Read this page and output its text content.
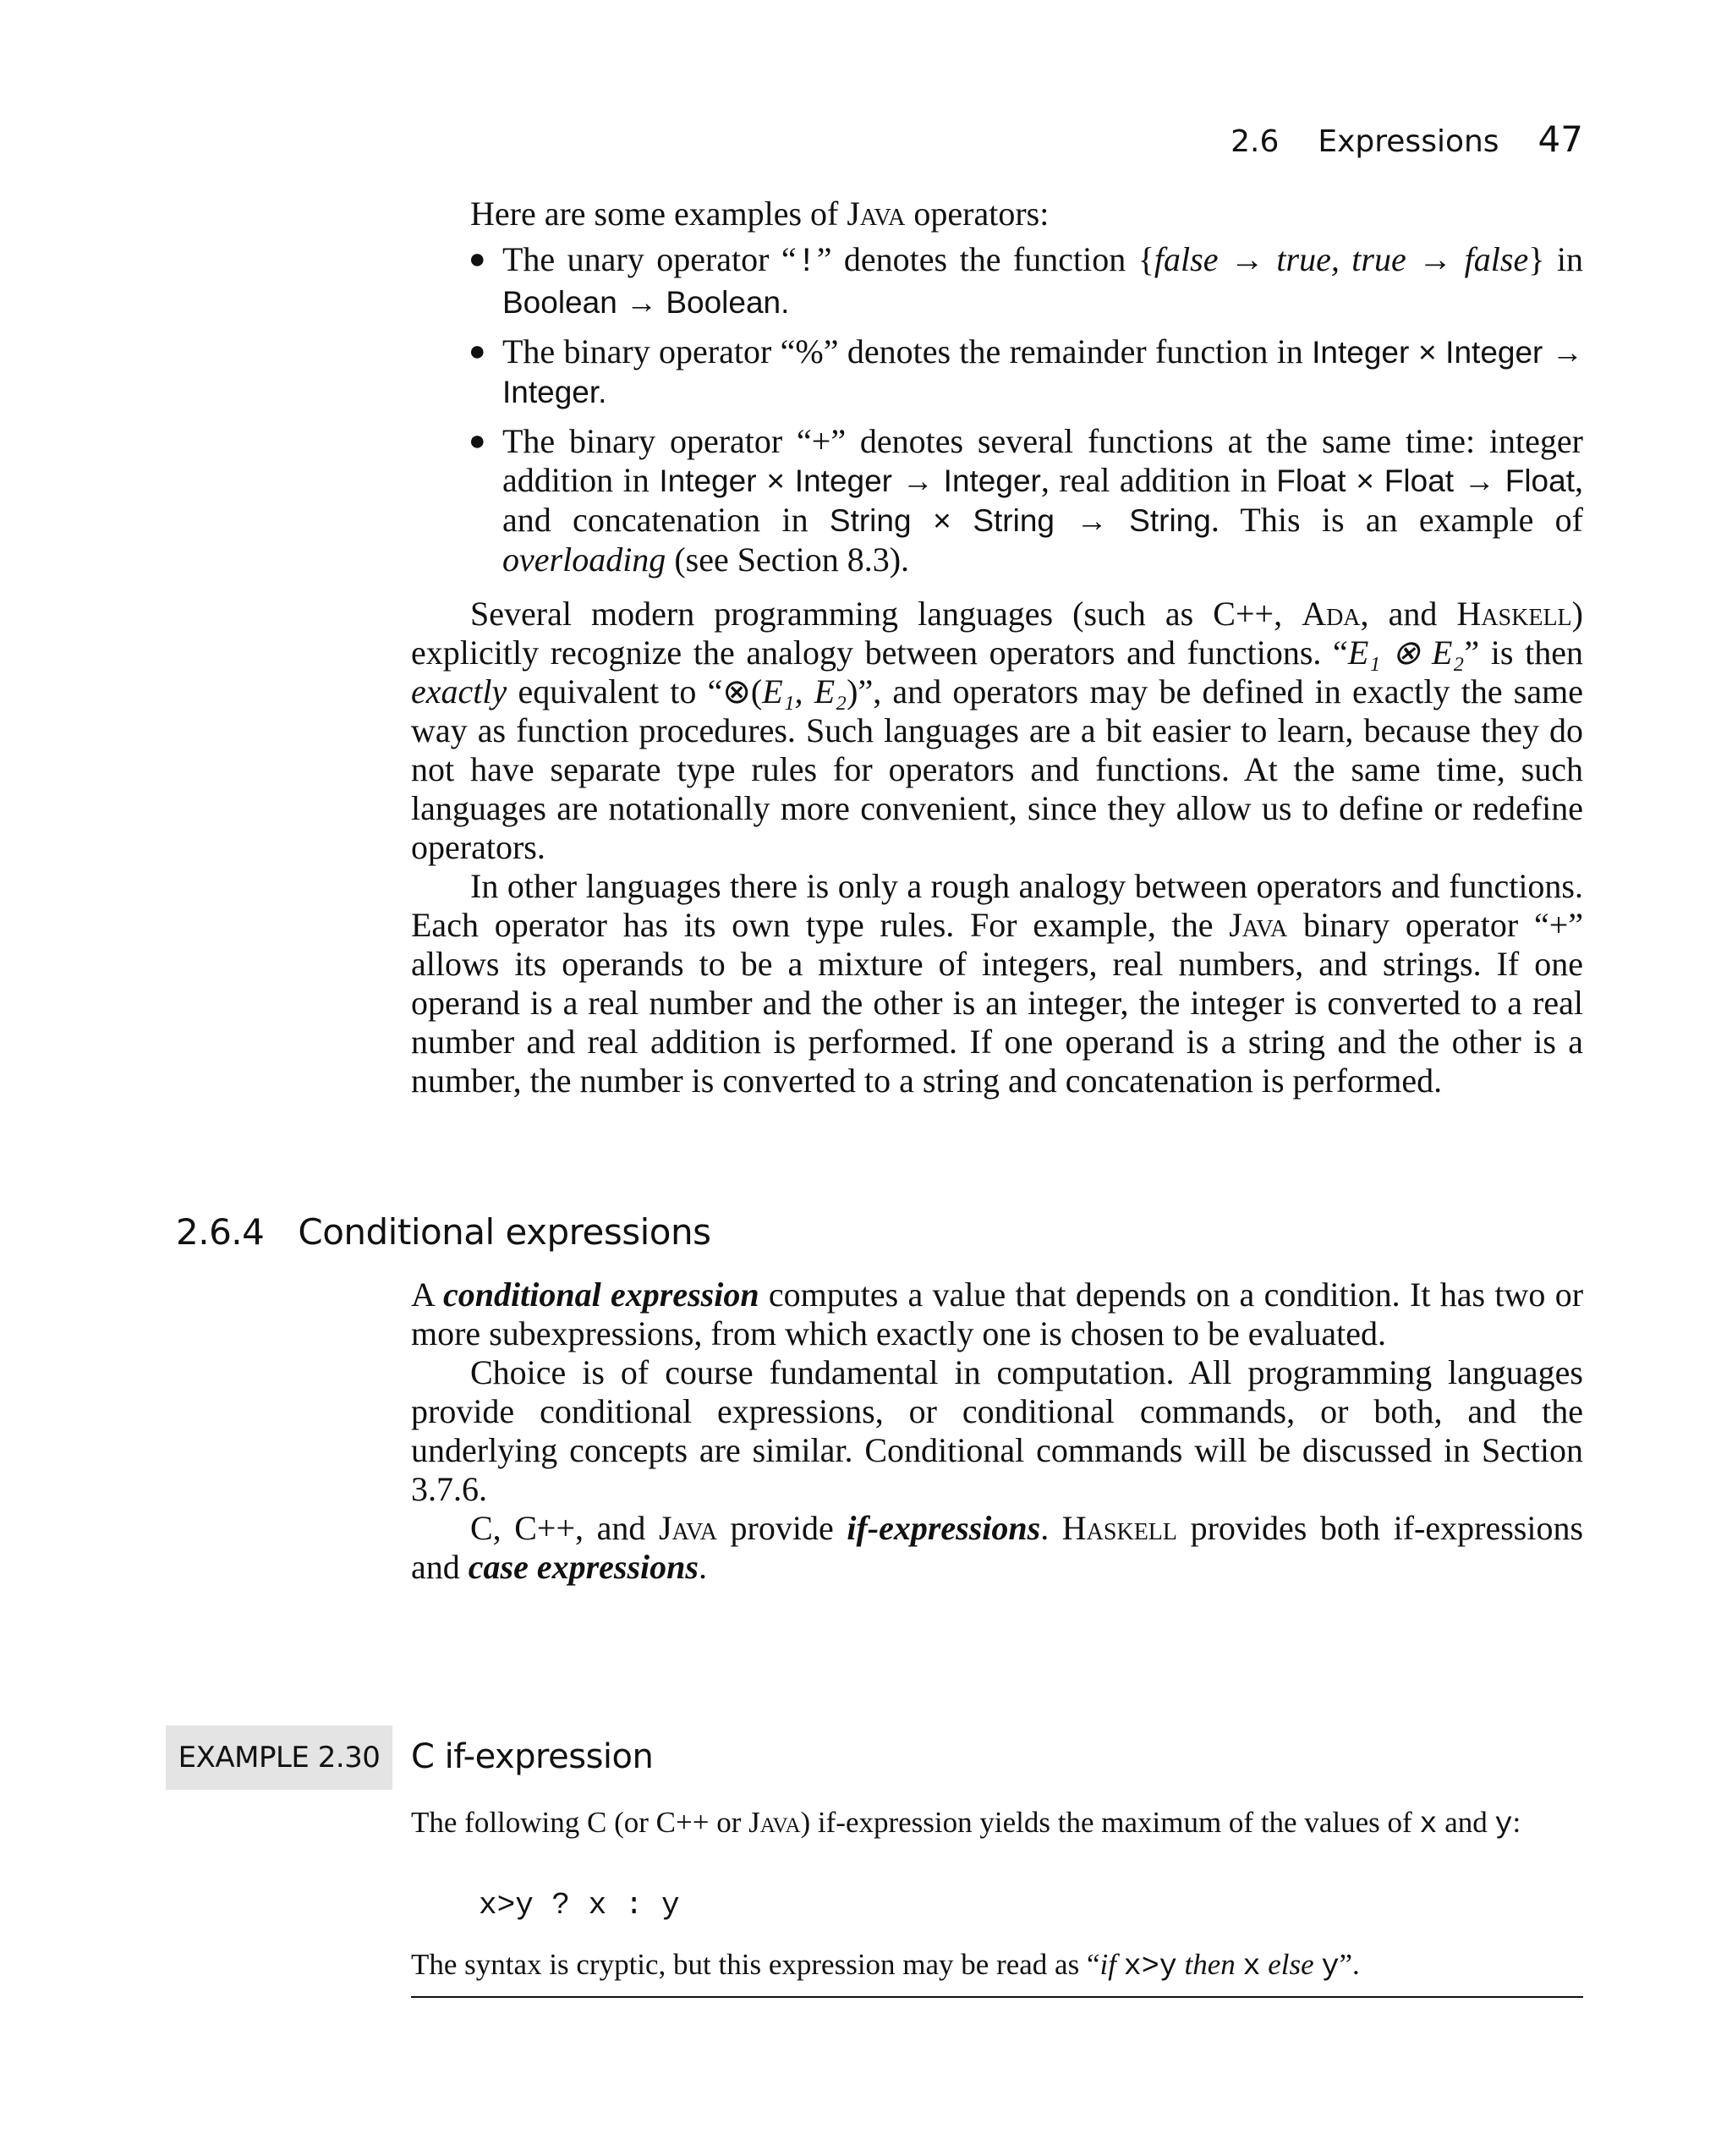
2.6 Expressions 47

Here are some examples of Java operators:

● The unary operator “!” denotes the function {false → true, true → false} in Boolean → Boolean.
● The binary operator “%” denotes the remainder function in Integer × Integer → Integer.
● The binary operator “+” denotes several functions at the same time: integer addition in Integer × Integer → Integer, real addition in Float × Float → Float, and concatenation in String × String → String. This is an example of overloading (see Section 8.3).

Several modern programming languages (such as C++, Ada, and Haskell) explicitly recognize the analogy between operators and functions. “E₁ ⊗ E₂” is then exactly equivalent to “⊗(E₁, E₂)”, and operators may be defined in exactly the same way as function procedures. Such languages are a bit easier to learn, because they do not have separate type rules for operators and functions. At the same time, such languages are notationally more convenient, since they allow us to define or redefine operators.

In other languages there is only a rough analogy between operators and functions. Each operator has its own type rules. For example, the Java binary operator “+” allows its operands to be a mixture of integers, real numbers, and strings. If one operand is a real number and the other is an integer, the integer is converted to a real number and real addition is performed. If one operand is a string and the other is a number, the number is converted to a string and concatenation is performed.

2.6.4 Conditional expressions

A conditional expression computes a value that depends on a condition. It has two or more subexpressions, from which exactly one is chosen to be evaluated.

Choice is of course fundamental in computation. All programming languages provide conditional expressions, or conditional commands, or both, and the underlying concepts are similar. Conditional commands will be discussed in Section 3.7.6.

C, C++, and Java provide if-expressions. Haskell provides both if-expressions and case expressions.

EXAMPLE 2.30 C if-expression

The following C (or C++ or Java) if-expression yields the maximum of the values of x and y:

x>y ? x : y

The syntax is cryptic, but this expression may be read as “if x>y then x else y”.
